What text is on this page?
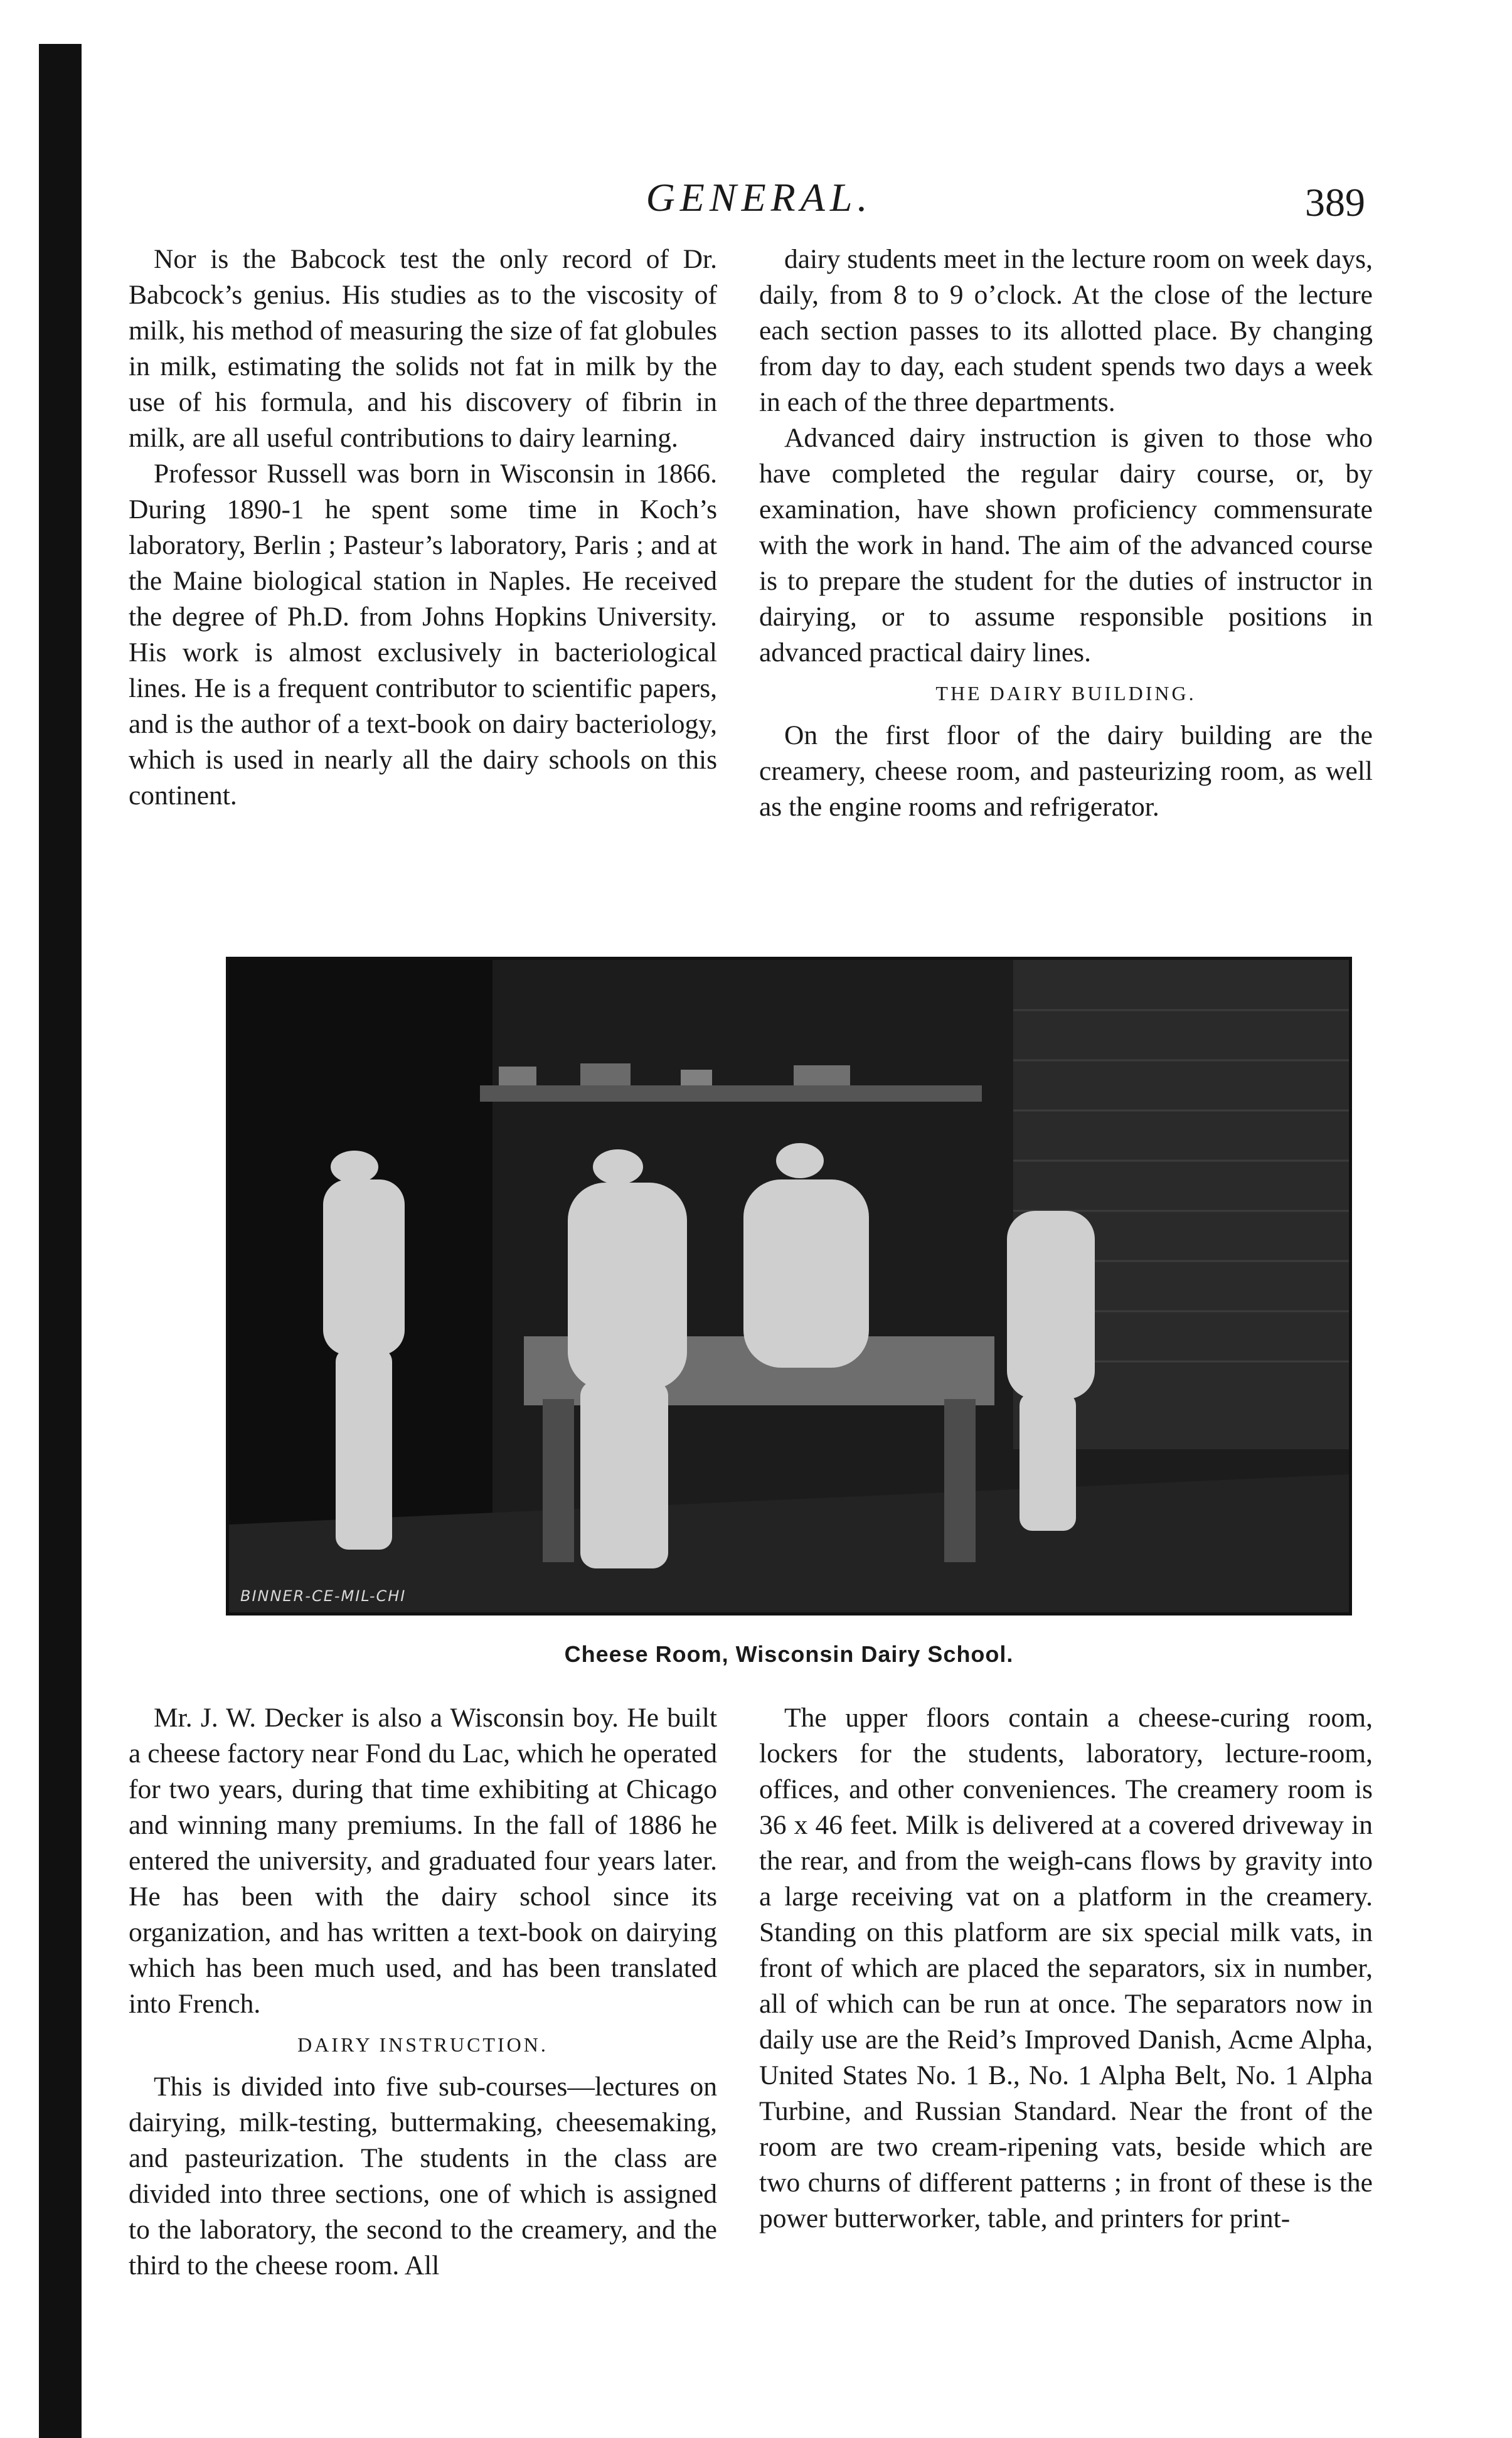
GENERAL.	389

Nor is the Babcock test the only record of Dr. Babcock’s genius. His studies as to the viscosity of milk, his method of measuring the size of fat globules in milk, estimating the solids not fat in milk by the use of his formula, and his discovery of fibrin in milk, are all useful contributions to dairy learning.

Professor Russell was born in Wisconsin in 1866. During 1890-1 he spent some time in Koch’s laboratory, Berlin ; Pasteur’s laboratory, Paris ; and at the Maine biological station in Naples. He received the degree of Ph.D. from Johns Hopkins University. His work is almost exclusively in bacteriological lines. He is a frequent contributor to scientific papers, and is the author of a text-book on dairy bacteriology, which is used in nearly all the dairy schools on this continent.

dairy students meet in the lecture room on week days, daily, from 8 to 9 o’clock. At the close of the lecture each section passes to its allotted place. By changing from day to day, each student spends two days a week in each of the three departments.

Advanced dairy instruction is given to those who have completed the regular dairy course, or, by examination, have shown proficiency commensurate with the work in hand. The aim of the advanced course is to prepare the student for the duties of instructor in dairying, or to assume responsible positions in advanced practical dairy lines.

THE DAIRY BUILDING.

On the first floor of the dairy building are the creamery, cheese room, and pasteurizing room, as well as the engine rooms and refrigerator.

BINNER-CE-MIL-CHI
Cheese Room, Wisconsin Dairy School.

Mr. J. W. Decker is also a Wisconsin boy. He built a cheese factory near Fond du Lac, which he operated for two years, during that time exhibiting at Chicago and winning many premiums. In the fall of 1886 he entered the university, and graduated four years later. He has been with the dairy school since its organization, and has written a text-book on dairying which has been much used, and has been translated into French.

DAIRY INSTRUCTION.

This is divided into five sub-courses—lectures on dairying, milk-testing, buttermaking, cheesemaking, and pasteurization. The students in the class are divided into three sections, one of which is assigned to the laboratory, the second to the creamery, and the third to the cheese room. All

The upper floors contain a cheese-curing room, lockers for the students, laboratory, lecture-room, offices, and other conveniences. The creamery room is 36 x 46 feet. Milk is delivered at a covered driveway in the rear, and from the weigh-cans flows by gravity into a large receiving vat on a platform in the creamery. Standing on this platform are six special milk vats, in front of which are placed the separators, six in number, all of which can be run at once. The separators now in daily use are the Reid’s Improved Danish, Acme Alpha, United States No. 1 B., No. 1 Alpha Belt, No. 1 Alpha Turbine, and Russian Standard. Near the front of the room are two cream-ripening vats, beside which are two churns of different patterns ; in front of these is the power butterworker, table, and printers for print-
